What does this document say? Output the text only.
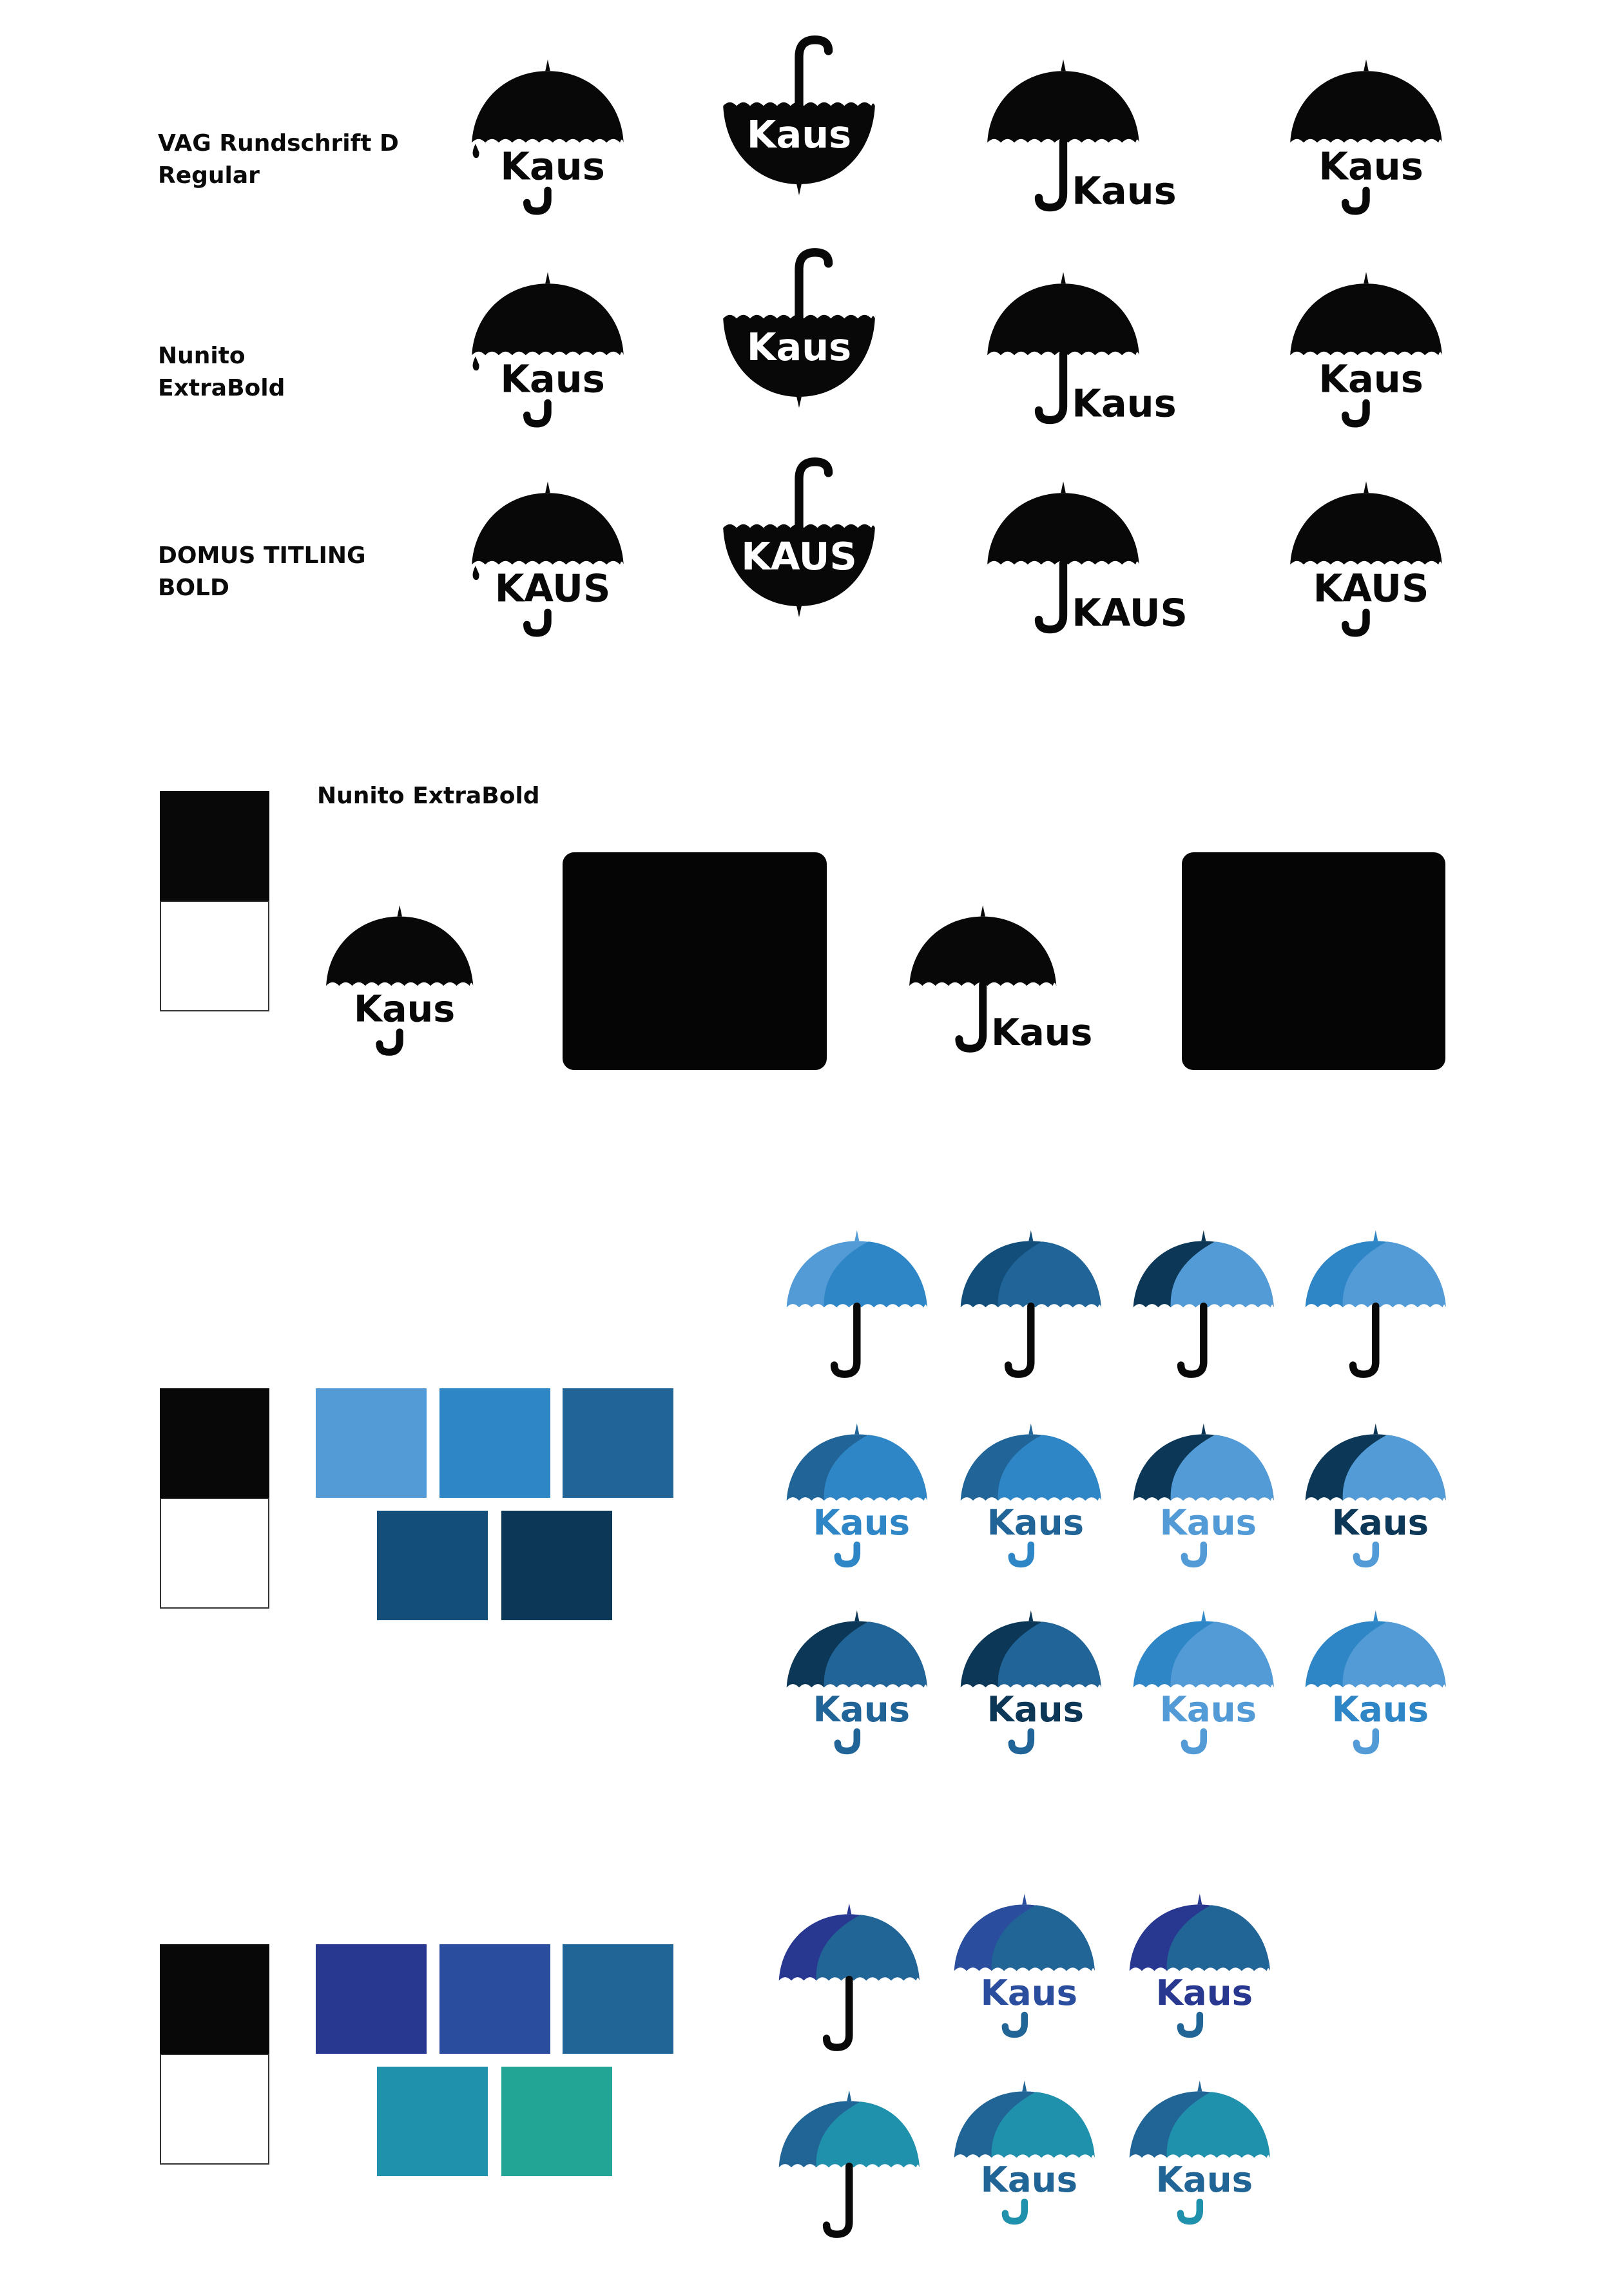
VAG Rundschrift D
Regular
Nunito
ExtraBold
DOMUS TITLING
BOLD
Kaus
Kaus
Kaus
Kaus
Kaus
Kaus
Kaus
Kaus
KAUS
KAUS
KAUS
KAUS
Kaus
Kaus
Kaus Kaus Kaus Kaus
Kaus Kaus Kaus Kaus
Kaus Kaus
Kaus Kaus
Nunito ExtraBold
